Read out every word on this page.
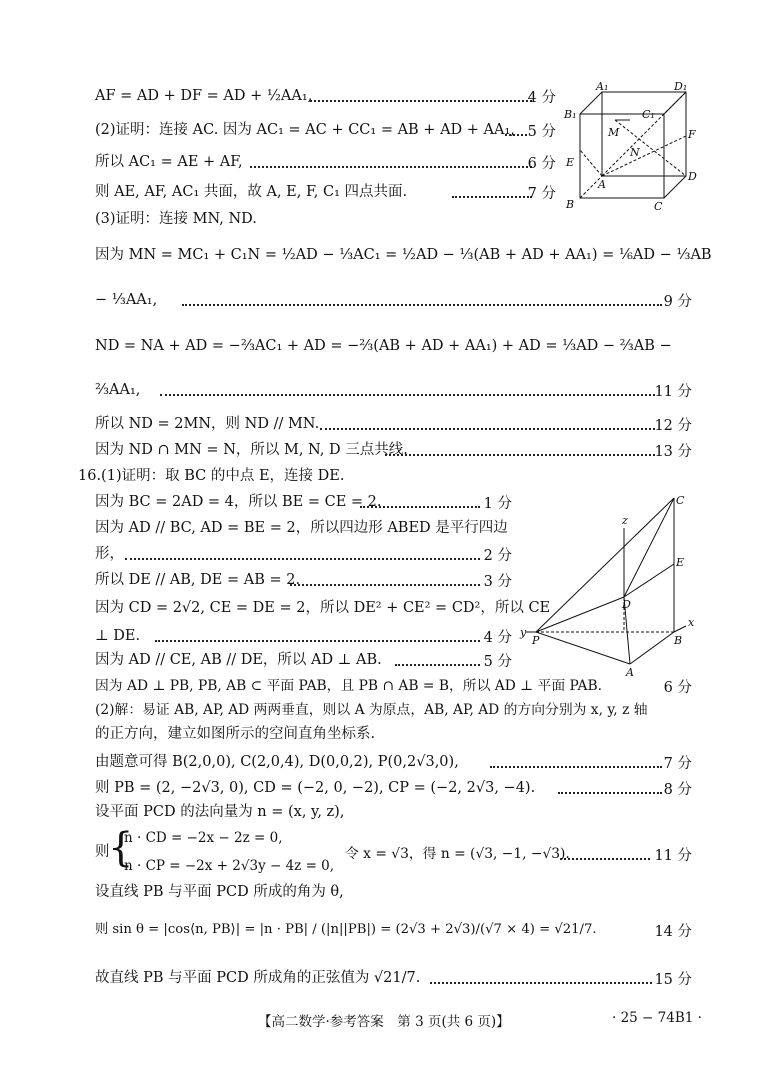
AF = AD + DF = AD + ½AA₁,	4 分
(2)证明：连接 AC. 因为 AC₁ = AC + CC₁ = AB + AD + AA₁, 5 分
所以 AC₁ = AE + AF,	6 分
则 AE, AF, AC₁ 共面，故 A, E, F, C₁ 四点共面.	7 分
(3)证明：连接 MN, ND.
因为 MN = MC₁ + C₁N = ½AD − ⅓AC₁ = ½AD − ⅓(AB + AD + AA₁) = ⅙AD − ⅓AB
− ⅓AA₁,	9 分
ND = NA + AD = −⅔AC₁ + AD = −⅔(AB + AD + AA₁) + AD = ⅓AD − ⅔AB −
⅔AA₁,	11 分
所以 ND = 2MN，则 ND // MN.	12 分
因为 ND ∩ MN = N，所以 M, N, D 三点共线.	13 分
A₁	D₁
B₁	C₁
M
N
F
E
A
D
B	C
16.(1)证明：取 BC 的中点 E，连接 DE.
因为 BC = 2AD = 4，所以 BE = CE = 2.	1 分
因为 AD // BC, AD = BE = 2，所以四边形 ABED 是平行四边
形，	2 分
所以 DE // AB, DE = AB = 2.	3 分
因为 CD = 2√2, CE = DE = 2，所以 DE² + CE² = CD²，所以 CE
⊥ DE.	4 分
因为 AD // CE, AB // DE，所以 AD ⊥ AB.	5 分
因为 AD ⊥ PB, PB, AB ⊂ 平面 PAB，且 PB ∩ AB = B，所以 AD ⊥ 平面 PAB.	6 分
(2)解：易证 AB, AP, AD 两两垂直，则以 A 为原点，AB, AP, AD 的方向分别为 x, y, z 轴
的正方向，建立如图所示的空间直角坐标系.
由题意可得 B(2,0,0), C(2,0,4), D(0,0,2), P(0,2√3,0),	7 分
则 PB = (2, −2√3, 0), CD = (−2, 0, −2), CP = (−2, 2√3, −4).	8 分
设平面 PCD 的法向量为 n = (x, y, z),
则
{
n · CD = −2x − 2z = 0,
n · CP = −2x + 2√3y − 4z = 0,
令 x = √3，得 n = (√3, −1, −√3).	11 分
设直线 PB 与平面 PCD 所成的角为 θ,
则 sin θ = |cos⟨n, PB⟩| = |n · PB| / (|n||PB|) = (2√3 + 2√3)/(√7 × 4) = √21/7.	14 分
故直线 PB 与平面 PCD 所成角的正弦值为 √21/7.	15 分
C
z
E
D
y
P
x
B
A
【高二数学·参考答案　第 3 页(共 6 页)】	· 25 − 74B1 ·
